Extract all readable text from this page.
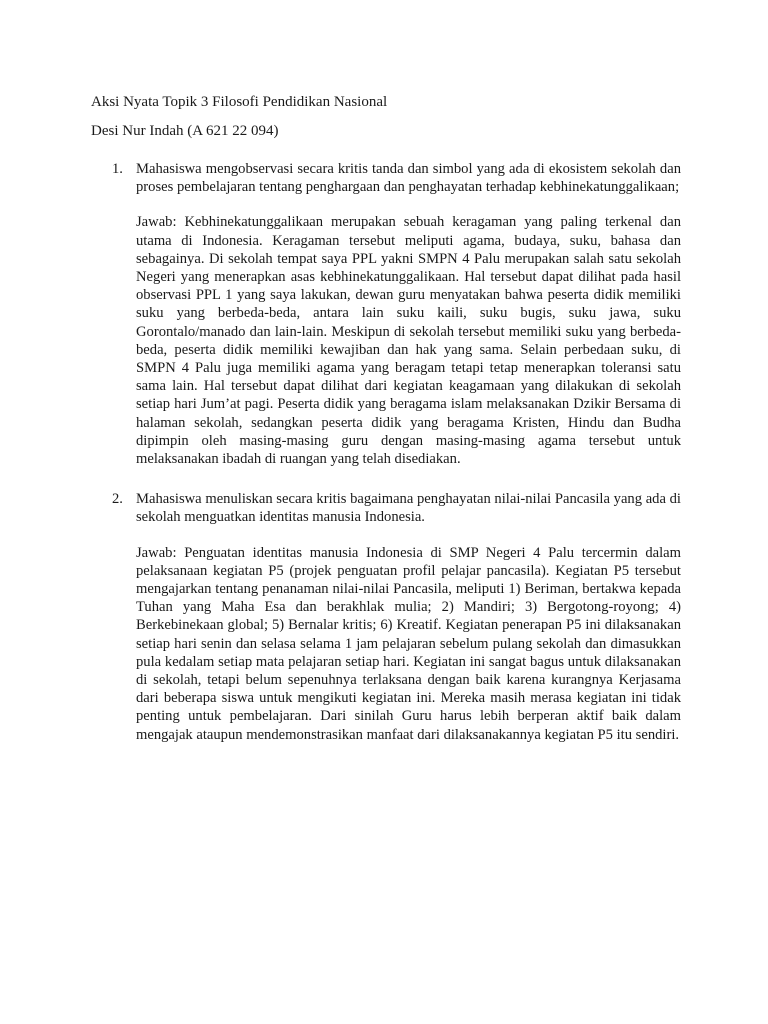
Aksi Nyata Topik 3 Filosofi Pendidikan Nasional
Desi Nur Indah (A 621 22 094)
1. Mahasiswa mengobservasi secara kritis tanda dan simbol yang ada di ekosistem sekolah dan proses pembelajaran tentang penghargaan dan penghayatan terhadap kebhinekatunggalikaan;

Jawab: Kebhinekatunggalikaan merupakan sebuah keragaman yang paling terkenal dan utama di Indonesia. Keragaman tersebut meliputi agama, budaya, suku, bahasa dan sebagainya. Di sekolah tempat saya PPL yakni SMPN 4 Palu merupakan salah satu sekolah Negeri yang menerapkan asas kebhinekatunggalikaan. Hal tersebut dapat dilihat pada hasil observasi PPL 1 yang saya lakukan, dewan guru menyatakan bahwa peserta didik memiliki suku yang berbeda-beda, antara lain suku kaili, suku bugis, suku jawa, suku Gorontalo/manado dan lain-lain. Meskipun di sekolah tersebut memiliki suku yang berbeda-beda, peserta didik memiliki kewajiban dan hak yang sama. Selain perbedaan suku, di SMPN 4 Palu juga memiliki agama yang beragam tetapi tetap menerapkan toleransi satu sama lain. Hal tersebut dapat dilihat dari kegiatan keagamaan yang dilakukan di sekolah setiap hari Jum’at pagi. Peserta didik yang beragama islam melaksanakan Dzikir Bersama di halaman sekolah, sedangkan peserta didik yang beragama Kristen, Hindu dan Budha dipimpin oleh masing-masing guru dengan masing-masing agama tersebut untuk melaksanakan ibadah di ruangan yang telah disediakan.

2. Mahasiswa menuliskan secara kritis bagaimana penghayatan nilai-nilai Pancasila yang ada di sekolah menguatkan identitas manusia Indonesia.

Jawab: Penguatan identitas manusia Indonesia di SMP Negeri 4 Palu tercermin dalam pelaksanaan kegiatan P5 (projek penguatan profil pelajar pancasila). Kegiatan P5 tersebut mengajarkan tentang penanaman nilai-nilai Pancasila, meliputi 1) Beriman, bertakwa kepada Tuhan yang Maha Esa dan berakhlak mulia; 2) Mandiri; 3) Bergotong-royong; 4) Berkebinekaan global; 5) Bernalar kritis; 6) Kreatif. Kegiatan penerapan P5 ini dilaksanakan setiap hari senin dan selasa selama 1 jam pelajaran sebelum pulang sekolah dan dimasukkan pula kedalam setiap mata pelajaran setiap hari. Kegiatan ini sangat bagus untuk dilaksanakan di sekolah, tetapi belum sepenuhnya terlaksana dengan baik karena kurangnya Kerjasama dari beberapa siswa untuk mengikuti kegiatan ini. Mereka masih merasa kegiatan ini tidak penting untuk pembelajaran. Dari sinilah Guru harus lebih berperan aktif baik dalam mengajak ataupun mendemonstrasikan manfaat dari dilaksanakannya kegiatan P5 itu sendiri.
